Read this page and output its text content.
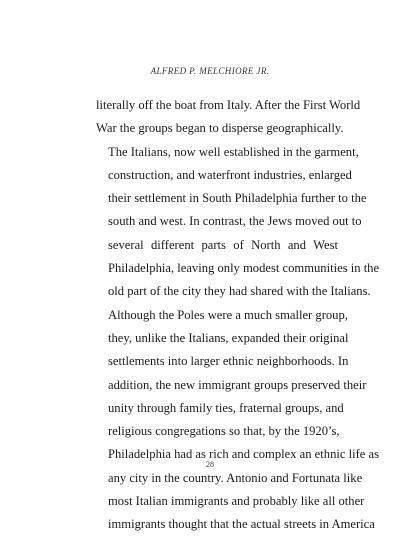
ALFRED P. MELCHIORE JR.

literally off the boat from Italy. After the First World
War the groups began to disperse geographically.

The Italians, now well established in the garment,
construction, and waterfront industries, enlarged
their settlement in South Philadelphia further to the
south and west. In contrast, the Jews moved out to
several different parts of North and West
Philadelphia, leaving only modest communities in the
old part of the city they had shared with the Italians.

Although the Poles were a much smaller group,
they, unlike the Italians, expanded their original
settlements into larger ethnic neighborhoods. In
addition, the new immigrant groups preserved their
unity through family ties, fraternal groups, and
religious congregations so that, by the 1920’s,
Philadelphia had as rich and complex an ethnic life as
any city in the country. Antonio and Fortunata like
most Italian immigrants and probably like all other
immigrants thought that the actual streets in America

28
